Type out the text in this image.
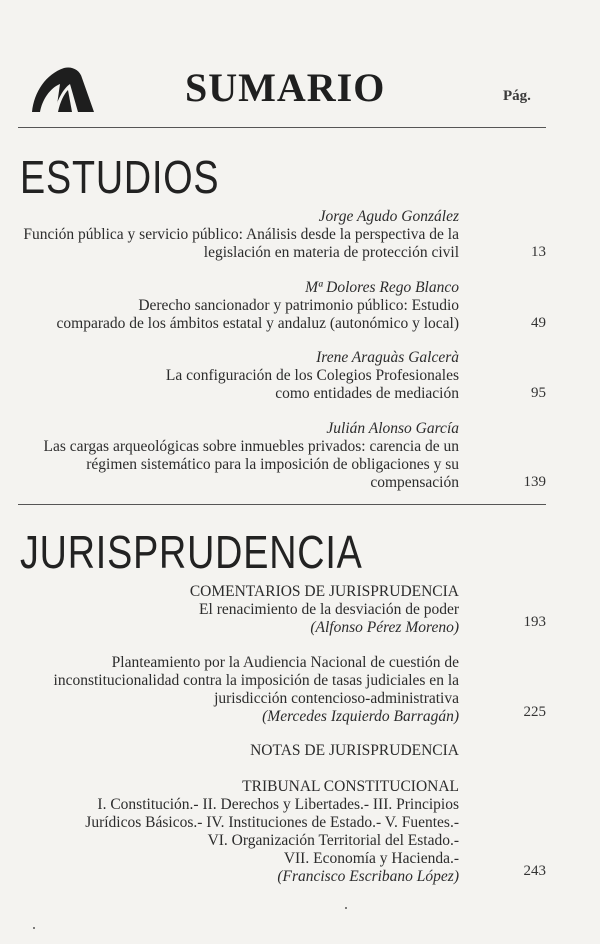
SUMARIO	Pág.
ESTUDIOS
Jorge Agudo González
Función pública y servicio público: Análisis desde la perspectiva de la
legislación en materia de protección civil	13
Mª Dolores Rego Blanco
Derecho sancionador y patrimonio público: Estudio
comparado de los ámbitos estatal y andaluz (autonómico y local)	49
Irene Araguàs Galcerà
La configuración de los Colegios Profesionales
como entidades de mediación	95
Julián Alonso García
Las cargas arqueológicas sobre inmuebles privados: carencia de un
régimen sistemático para la imposición de obligaciones y su
compensación	139
JURISPRUDENCIA
COMENTARIOS DE JURISPRUDENCIA
El renacimiento de la desviación de poder
(Alfonso Pérez Moreno)	193
Planteamiento por la Audiencia Nacional de cuestión de
inconstitucionalidad contra la imposición de tasas judiciales en la
jurisdicción contencioso-administrativa
(Mercedes Izquierdo Barragán)	225
NOTAS DE JURISPRUDENCIA
TRIBUNAL CONSTITUCIONAL
I. Constitución.- II. Derechos y Libertades.- III. Principios
Jurídicos Básicos.- IV. Instituciones de Estado.- V. Fuentes.-
VI. Organización Territorial del Estado.-
VII. Economía y Hacienda.-
(Francisco Escribano López)	243
